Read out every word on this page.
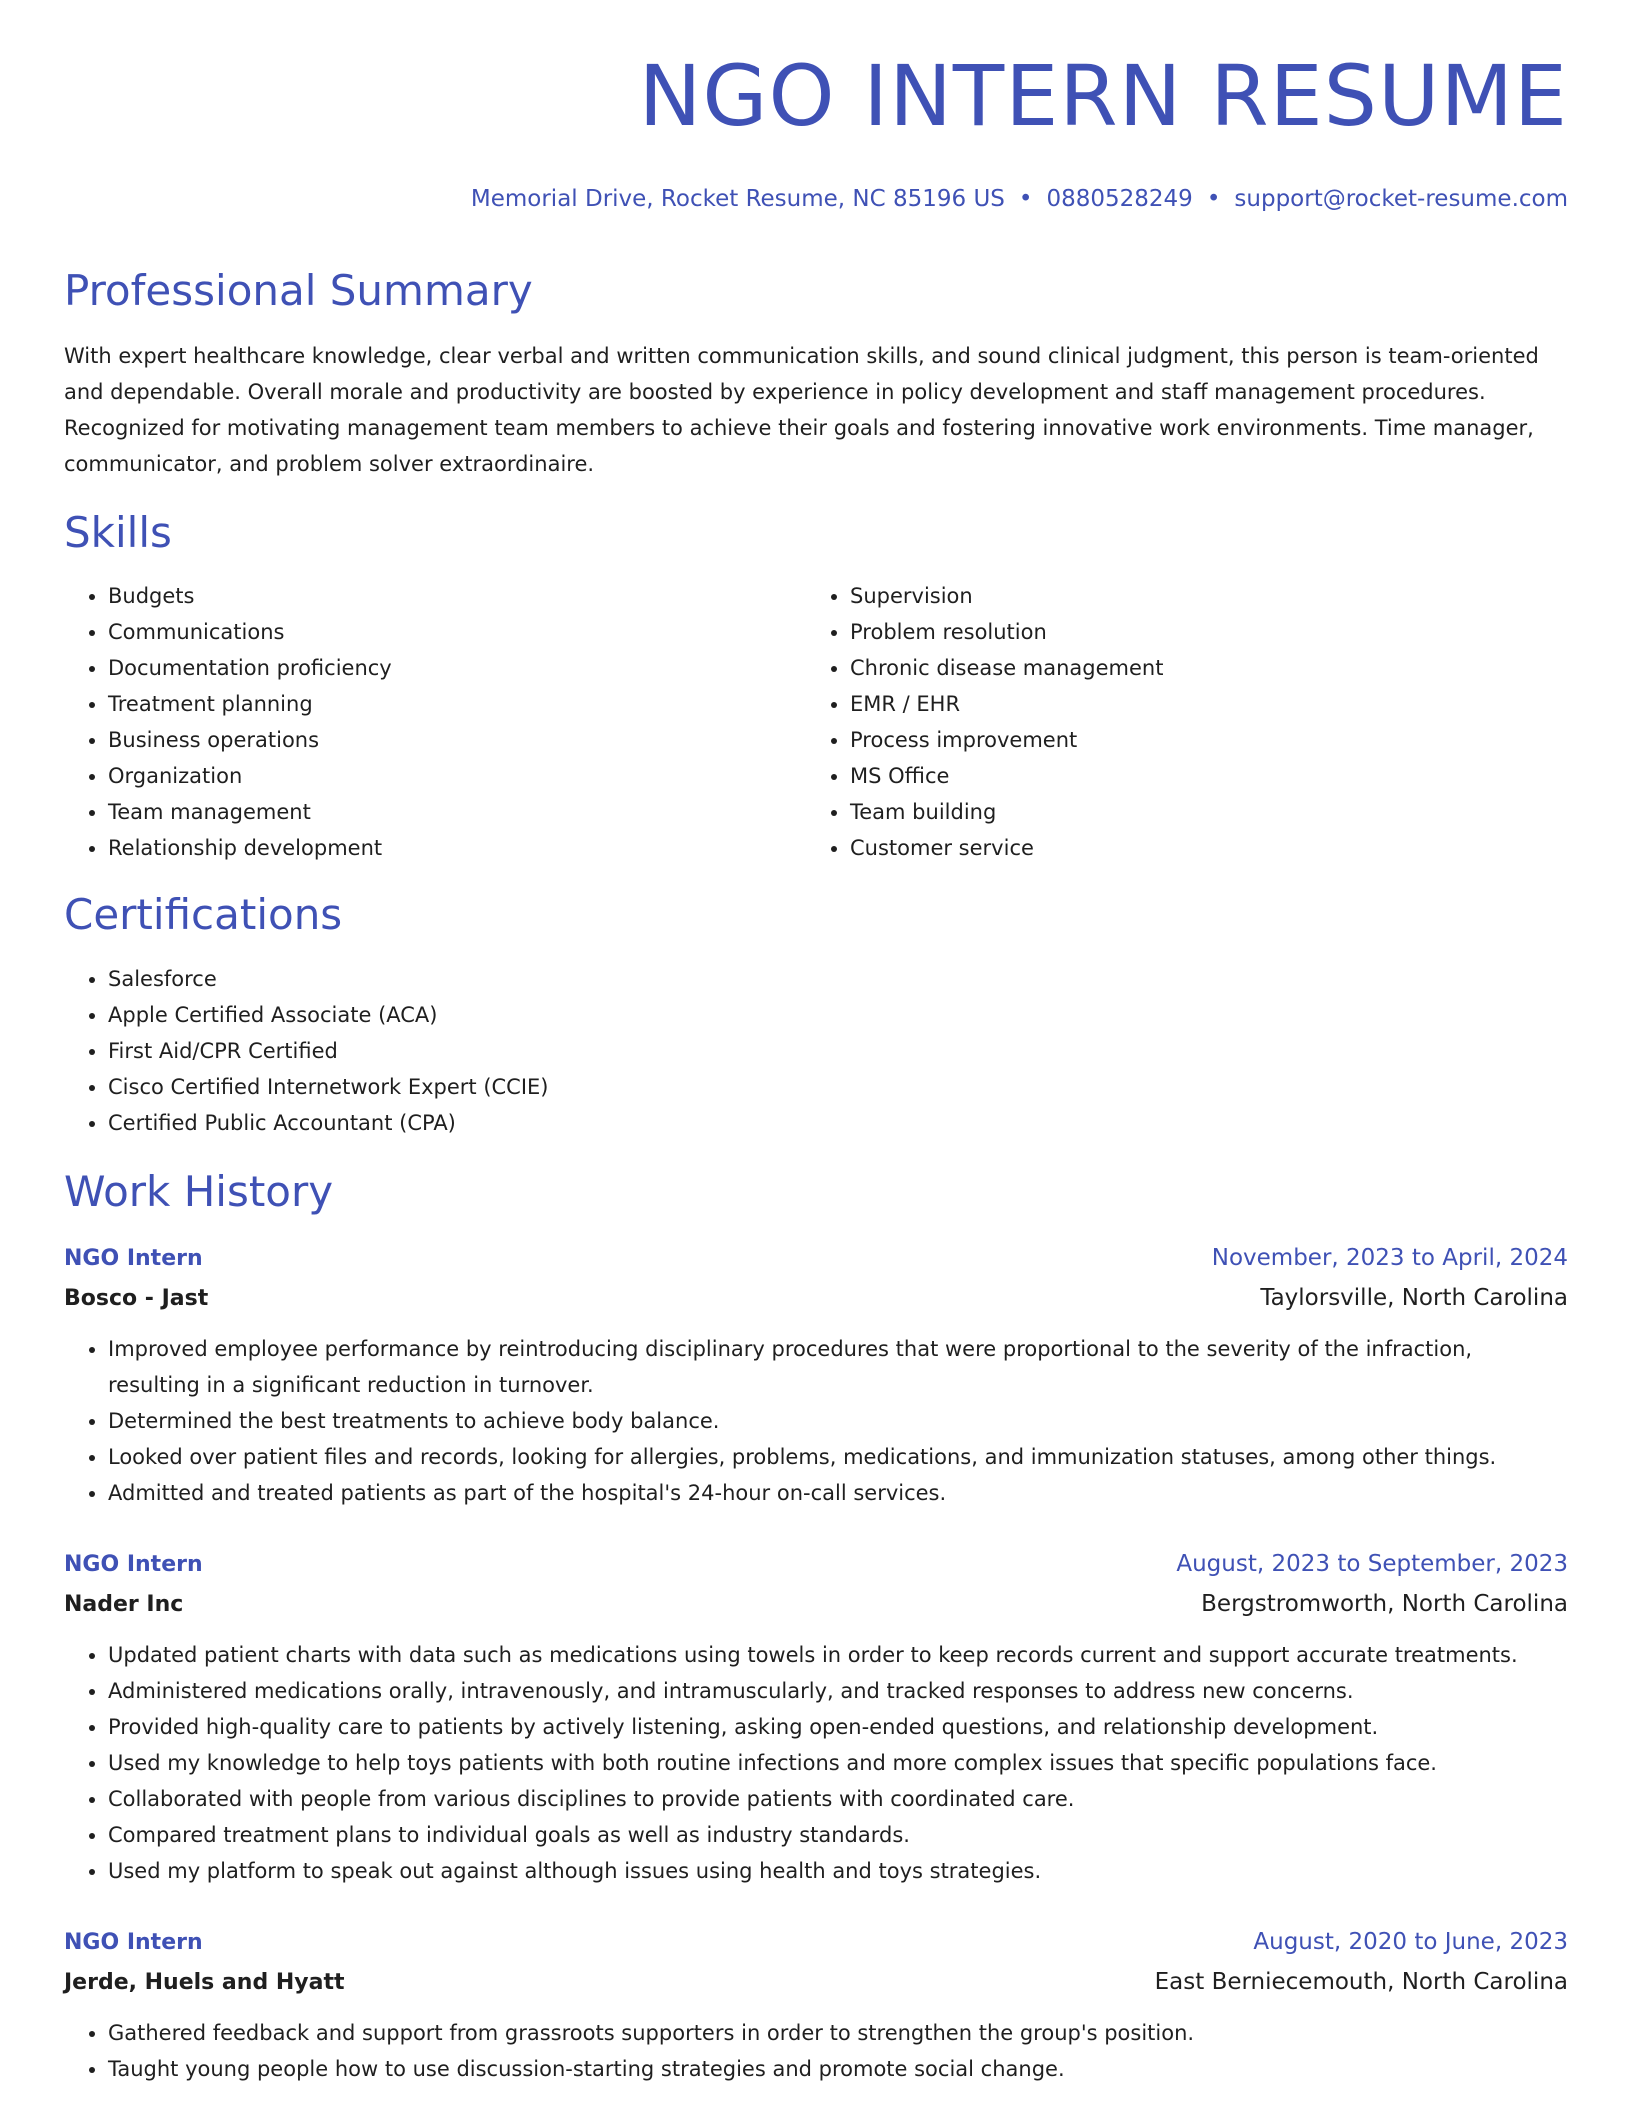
NGO INTERN RESUME
Memorial Drive, Rocket Resume, NC 85196 US • 0880528249 • support@rocket-resume.com
Professional Summary

With expert healthcare knowledge, clear verbal and written communication skills, and sound clinical judgment, this person is team-oriented and dependable. Overall morale and productivity are boosted by experience in policy development and staff management procedures. Recognized for motivating management team members to achieve their goals and fostering innovative work environments. Time manager, communicator, and problem solver extraordinaire.

Skills
• Budgets
• Communications
• Documentation proficiency
• Treatment planning
• Business operations
• Organization
• Team management
• Relationship development
• Supervision
• Problem resolution
• Chronic disease management
• EMR / EHR
• Process improvement
• MS Office
• Team building
• Customer service
Certifications
• Salesforce
• Apple Certified Associate (ACA)
• First Aid/CPR Certified
• Cisco Certified Internetwork Expert (CCIE)
• Certified Public Accountant (CPA)
Work History
NGO Intern	November, 2023 to April, 2024
Bosco - Jast	Taylorsville, North Carolina
• Improved employee performance by reintroducing disciplinary procedures that were proportional to the severity of the infraction, resulting in a significant reduction in turnover.
• Determined the best treatments to achieve body balance.
• Looked over patient files and records, looking for allergies, problems, medications, and immunization statuses, among other things.
• Admitted and treated patients as part of the hospital's 24-hour on-call services.
NGO Intern	August, 2023 to September, 2023
Nader Inc	Bergstromworth, North Carolina
• Updated patient charts with data such as medications using towels in order to keep records current and support accurate treatments.
• Administered medications orally, intravenously, and intramuscularly, and tracked responses to address new concerns.
• Provided high-quality care to patients by actively listening, asking open-ended questions, and relationship development.
• Used my knowledge to help toys patients with both routine infections and more complex issues that specific populations face.
• Collaborated with people from various disciplines to provide patients with coordinated care.
• Compared treatment plans to individual goals as well as industry standards.
• Used my platform to speak out against although issues using health and toys strategies.
NGO Intern	August, 2020 to June, 2023
Jerde, Huels and Hyatt	East Berniecemouth, North Carolina
• Gathered feedback and support from grassroots supporters in order to strengthen the group's position.
• Taught young people how to use discussion-starting strategies and promote social change.
